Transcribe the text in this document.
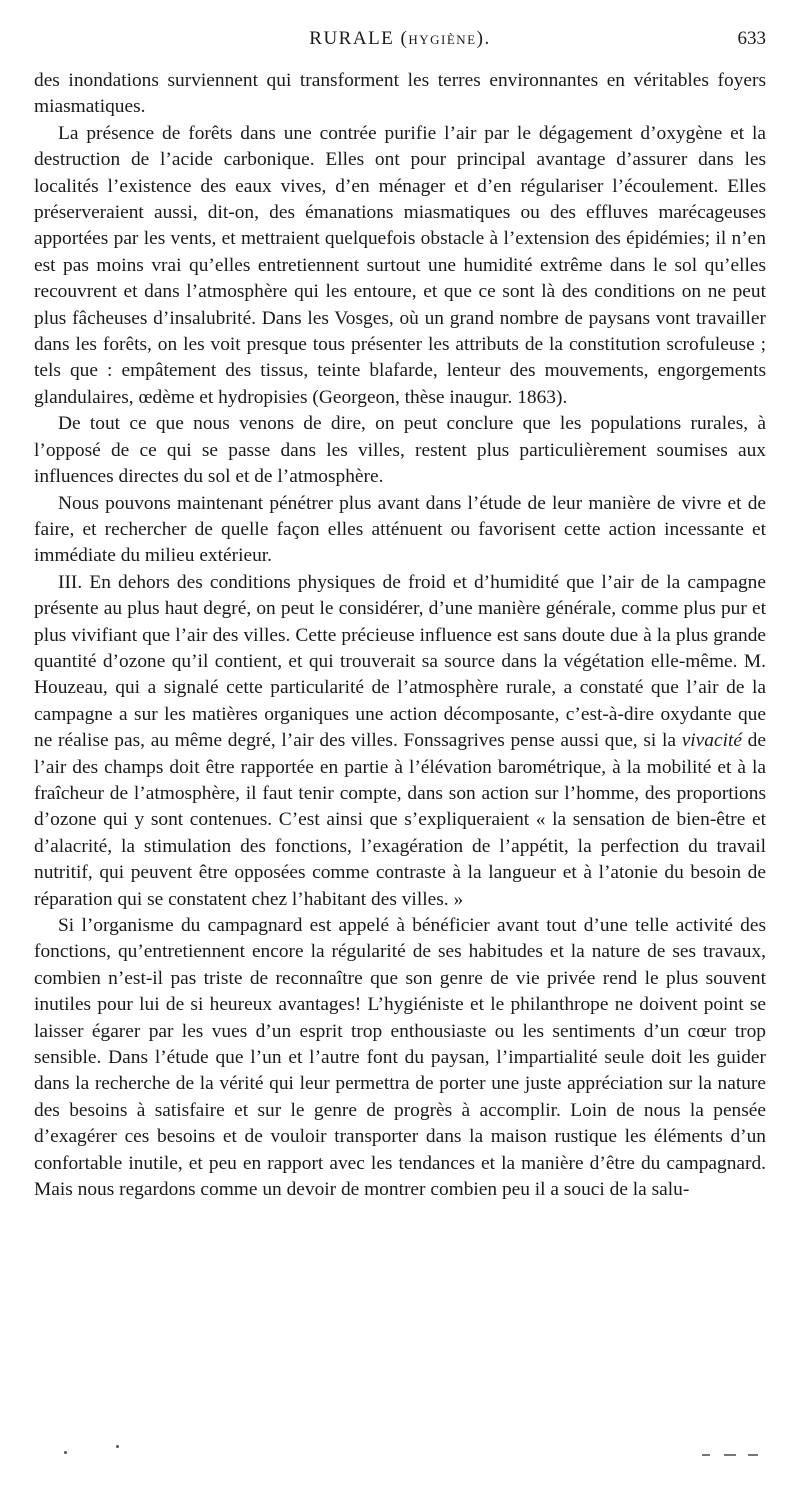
RURALE (HYGIÈNE).	633

des inondations surviennent qui transforment les terres environnantes en véritables foyers miasmatiques.

La présence de forêts dans une contrée purifie l’air par le dégagement d’oxygène et la destruction de l’acide carbonique. Elles ont pour principal avantage d’assurer dans les localités l’existence des eaux vives, d’en ménager et d’en régulariser l’écoulement. Elles préserveraient aussi, dit-on, des émanations miasmatiques ou des effluves marécageuses apportées par les vents, et mettraient quelquefois obstacle à l’extension des épidémies; il n’en est pas moins vrai qu’elles entretiennent surtout une humidité extrême dans le sol qu’elles recouvrent et dans l’atmosphère qui les entoure, et que ce sont là des conditions on ne peut plus fâcheuses d’insalubrité. Dans les Vosges, où un grand nombre de paysans vont travailler dans les forêts, on les voit presque tous présenter les attributs de la constitution scrofuleuse ; tels que : empâtement des tissus, teinte blafarde, lenteur des mouvements, engorgements glandulaires, œdème et hydropisies (Georgeon, thèse inaugur. 1863).

De tout ce que nous venons de dire, on peut conclure que les populations rurales, à l’opposé de ce qui se passe dans les villes, restent plus particulièrement soumises aux influences directes du sol et de l’atmosphère.

Nous pouvons maintenant pénétrer plus avant dans l’étude de leur manière de vivre et de faire, et rechercher de quelle façon elles atténuent ou favorisent cette action incessante et immédiate du milieu extérieur.

III. En dehors des conditions physiques de froid et d’humidité que l’air de la campagne présente au plus haut degré, on peut le considérer, d’une manière générale, comme plus pur et plus vivifiant que l’air des villes. Cette précieuse influence est sans doute due à la plus grande quantité d’ozone qu’il contient, et qui trouverait sa source dans la végétation elle-même. M. Houzeau, qui a signalé cette particularité de l’atmosphère rurale, a constaté que l’air de la campagne a sur les matières organiques une action décomposante, c’est-à-dire oxydante que ne réalise pas, au même degré, l’air des villes. Fonssagrives pense aussi que, si la vivacité de l’air des champs doit être rapportée en partie à l’élévation barométrique, à la mobilité et à la fraîcheur de l’atmosphère, il faut tenir compte, dans son action sur l’homme, des proportions d’ozone qui y sont contenues. C’est ainsi que s’expliqueraient « la sensation de bien-être et d’alacrité, la stimulation des fonctions, l’exagération de l’appétit, la perfection du travail nutritif, qui peuvent être opposées comme contraste à la langueur et à l’atonie du besoin de réparation qui se constatent chez l’habitant des villes. »

Si l’organisme du campagnard est appelé à bénéficier avant tout d’une telle activité des fonctions, qu’entretiennent encore la régularité de ses habitudes et la nature de ses travaux, combien n’est-il pas triste de reconnaître que son genre de vie privée rend le plus souvent inutiles pour lui de si heureux avantages! L’hygiéniste et le philanthrope ne doivent point se laisser égarer par les vues d’un esprit trop enthousiaste ou les sentiments d’un cœur trop sensible. Dans l’étude que l’un et l’autre font du paysan, l’impartialité seule doit les guider dans la recherche de la vérité qui leur permettra de porter une juste appréciation sur la nature des besoins à satisfaire et sur le genre de progrès à accomplir. Loin de nous la pensée d’exagérer ces besoins et de vouloir transporter dans la maison rustique les éléments d’un confortable inutile, et peu en rapport avec les tendances et la manière d’être du campagnard. Mais nous regardons comme un devoir de montrer combien peu il a souci de la salu-
